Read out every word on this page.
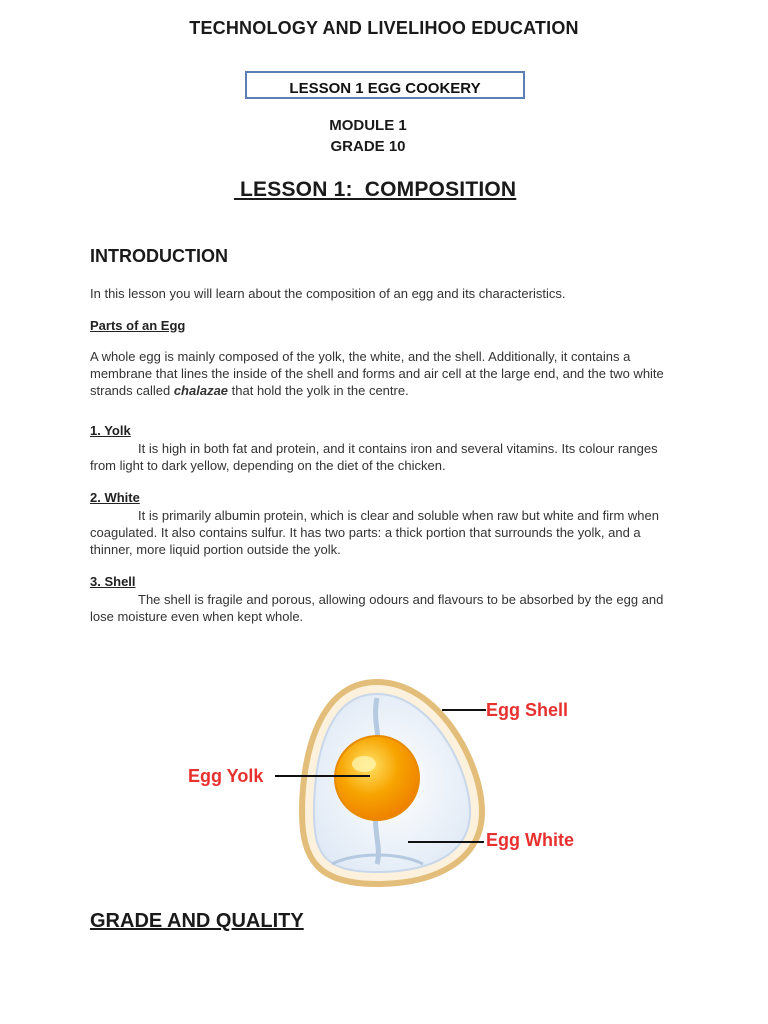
TECHNOLOGY AND LIVELIHOO EDUCATION
LESSON 1 EGG COOKERY
MODULE 1
GRADE 10
LESSON 1:  COMPOSITION
INTRODUCTION
In this lesson you will learn about the composition of an egg and its characteristics.
Parts of an Egg
A whole egg is mainly composed of the yolk, the white, and the shell. Additionally, it contains a membrane that lines the inside of the shell and forms and air cell at the large end, and the two white strands called chalazae that hold the yolk in the centre.
1. Yolk
It is high in both fat and protein, and it contains iron and several vitamins. Its colour ranges from light to dark yellow, depending on the diet of the chicken.
2. White
It is primarily albumin protein, which is clear and soluble when raw but white and firm when coagulated. It also contains sulfur. It has two parts: a thick portion that surrounds the yolk, and a thinner, more liquid portion outside the yolk.
3. Shell
The shell is fragile and porous, allowing odours and flavours to be absorbed by the egg and lose moisture even when kept whole.
Egg Shell
Egg Yolk
Egg White
GRADE AND QUALITY
